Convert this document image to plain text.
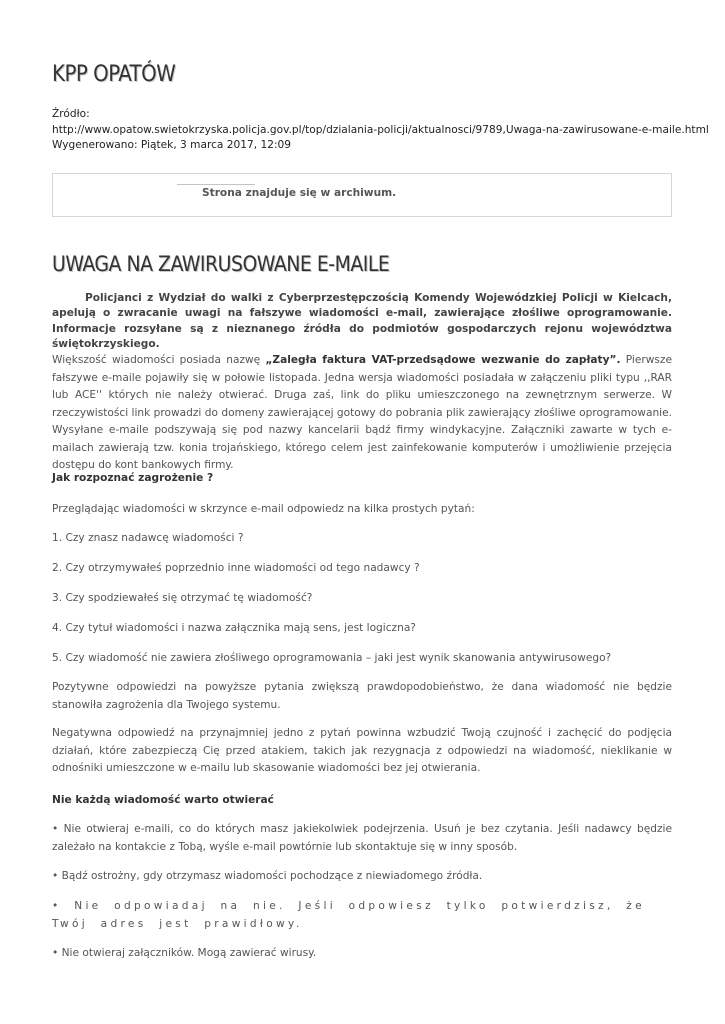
KPP OPATÓW
Źródło:
http://www.opatow.swietokrzyska.policja.gov.pl/top/dzialania-policji/aktualnosci/9789,Uwaga-na-zawirusowane-e-maile.html
Wygenerowano: Piątek, 3 marca 2017, 12:09
Strona znajduje się w archiwum.
UWAGA NA ZAWIRUSOWANE E-MAILE

Policjanci z Wydział do walki z Cyberprzestępczością Komendy Wojewódzkiej Policji w Kielcach, apelują o zwracanie uwagi na fałszywe wiadomości e-mail, zawierające złośliwe oprogramowanie. Informacje rozsyłane są z nieznanego źródła do podmiotów gospodarczych rejonu województwa świętokrzyskiego.

Większość wiadomości posiada nazwę „Zaległa faktura VAT-przedsądowe wezwanie do zapłaty”. Pierwsze fałszywe e-maile pojawiły się w połowie listopada. Jedna wersja wiadomości posiadała w załączeniu pliki typu ,,RAR lub ACE'' których nie należy otwierać. Druga zaś, link do pliku umieszczonego na zewnętrznym serwerze. W rzeczywistości link prowadzi do domeny zawierającej gotowy do pobrania plik zawierający złośliwe oprogramowanie. Wysyłane e-maile podszywają się pod nazwy kancelarii bądź firmy windykacyjne. Załączniki zawarte w tych e-mailach zawierają tzw. konia trojańskiego, którego celem jest zainfekowanie komputerów i umożliwienie przejęcia dostępu do kont bankowych firmy.

Jak rozpoznać zagrożenie ?

Przeglądając wiadomości w skrzynce e-mail odpowiedz na kilka prostych pytań:

1. Czy znasz nadawcę wiadomości ?

2. Czy otrzymywałeś poprzednio inne wiadomości od tego nadawcy ?

3. Czy spodziewałeś się otrzymać tę wiadomość?

4. Czy tytuł wiadomości i nazwa załącznika mają sens, jest logiczna?

5. Czy wiadomość nie zawiera złośliwego oprogramowania – jaki jest wynik skanowania antywirusowego?

Pozytywne odpowiedzi na powyższe pytania zwiększą prawdopodobieństwo, że dana wiadomość nie będzie stanowiła zagrożenia dla Twojego systemu.

Negatywna odpowiedź na przynajmniej jedno z pytań powinna wzbudzić Twoją czujność i zachęcić do podjęcia działań, które zabezpieczą Cię przed atakiem, takich jak rezygnacja z odpowiedzi na wiadomość, nieklikanie w odnośniki umieszczone w e-mailu lub skasowanie wiadomości bez jej otwierania.

Nie każdą wiadomość warto otwierać

• Nie otwieraj e-maili, co do których masz jakiekolwiek podejrzenia. Usuń je bez czytania. Jeśli nadawcy będzie zależało na kontakcie z Tobą, wyśle e-mail powtórnie lub skontaktuje się w inny sposób.

• Bądź ostrożny, gdy otrzymasz wiadomości pochodzące z niewiadomego źródła.

• Nie odpowiadaj na nie. Jeśli odpowiesz tylko potwierdzisz, że Twój adres jest prawidłowy.

• Nie otwieraj załączników. Mogą zawierać wirusy.
